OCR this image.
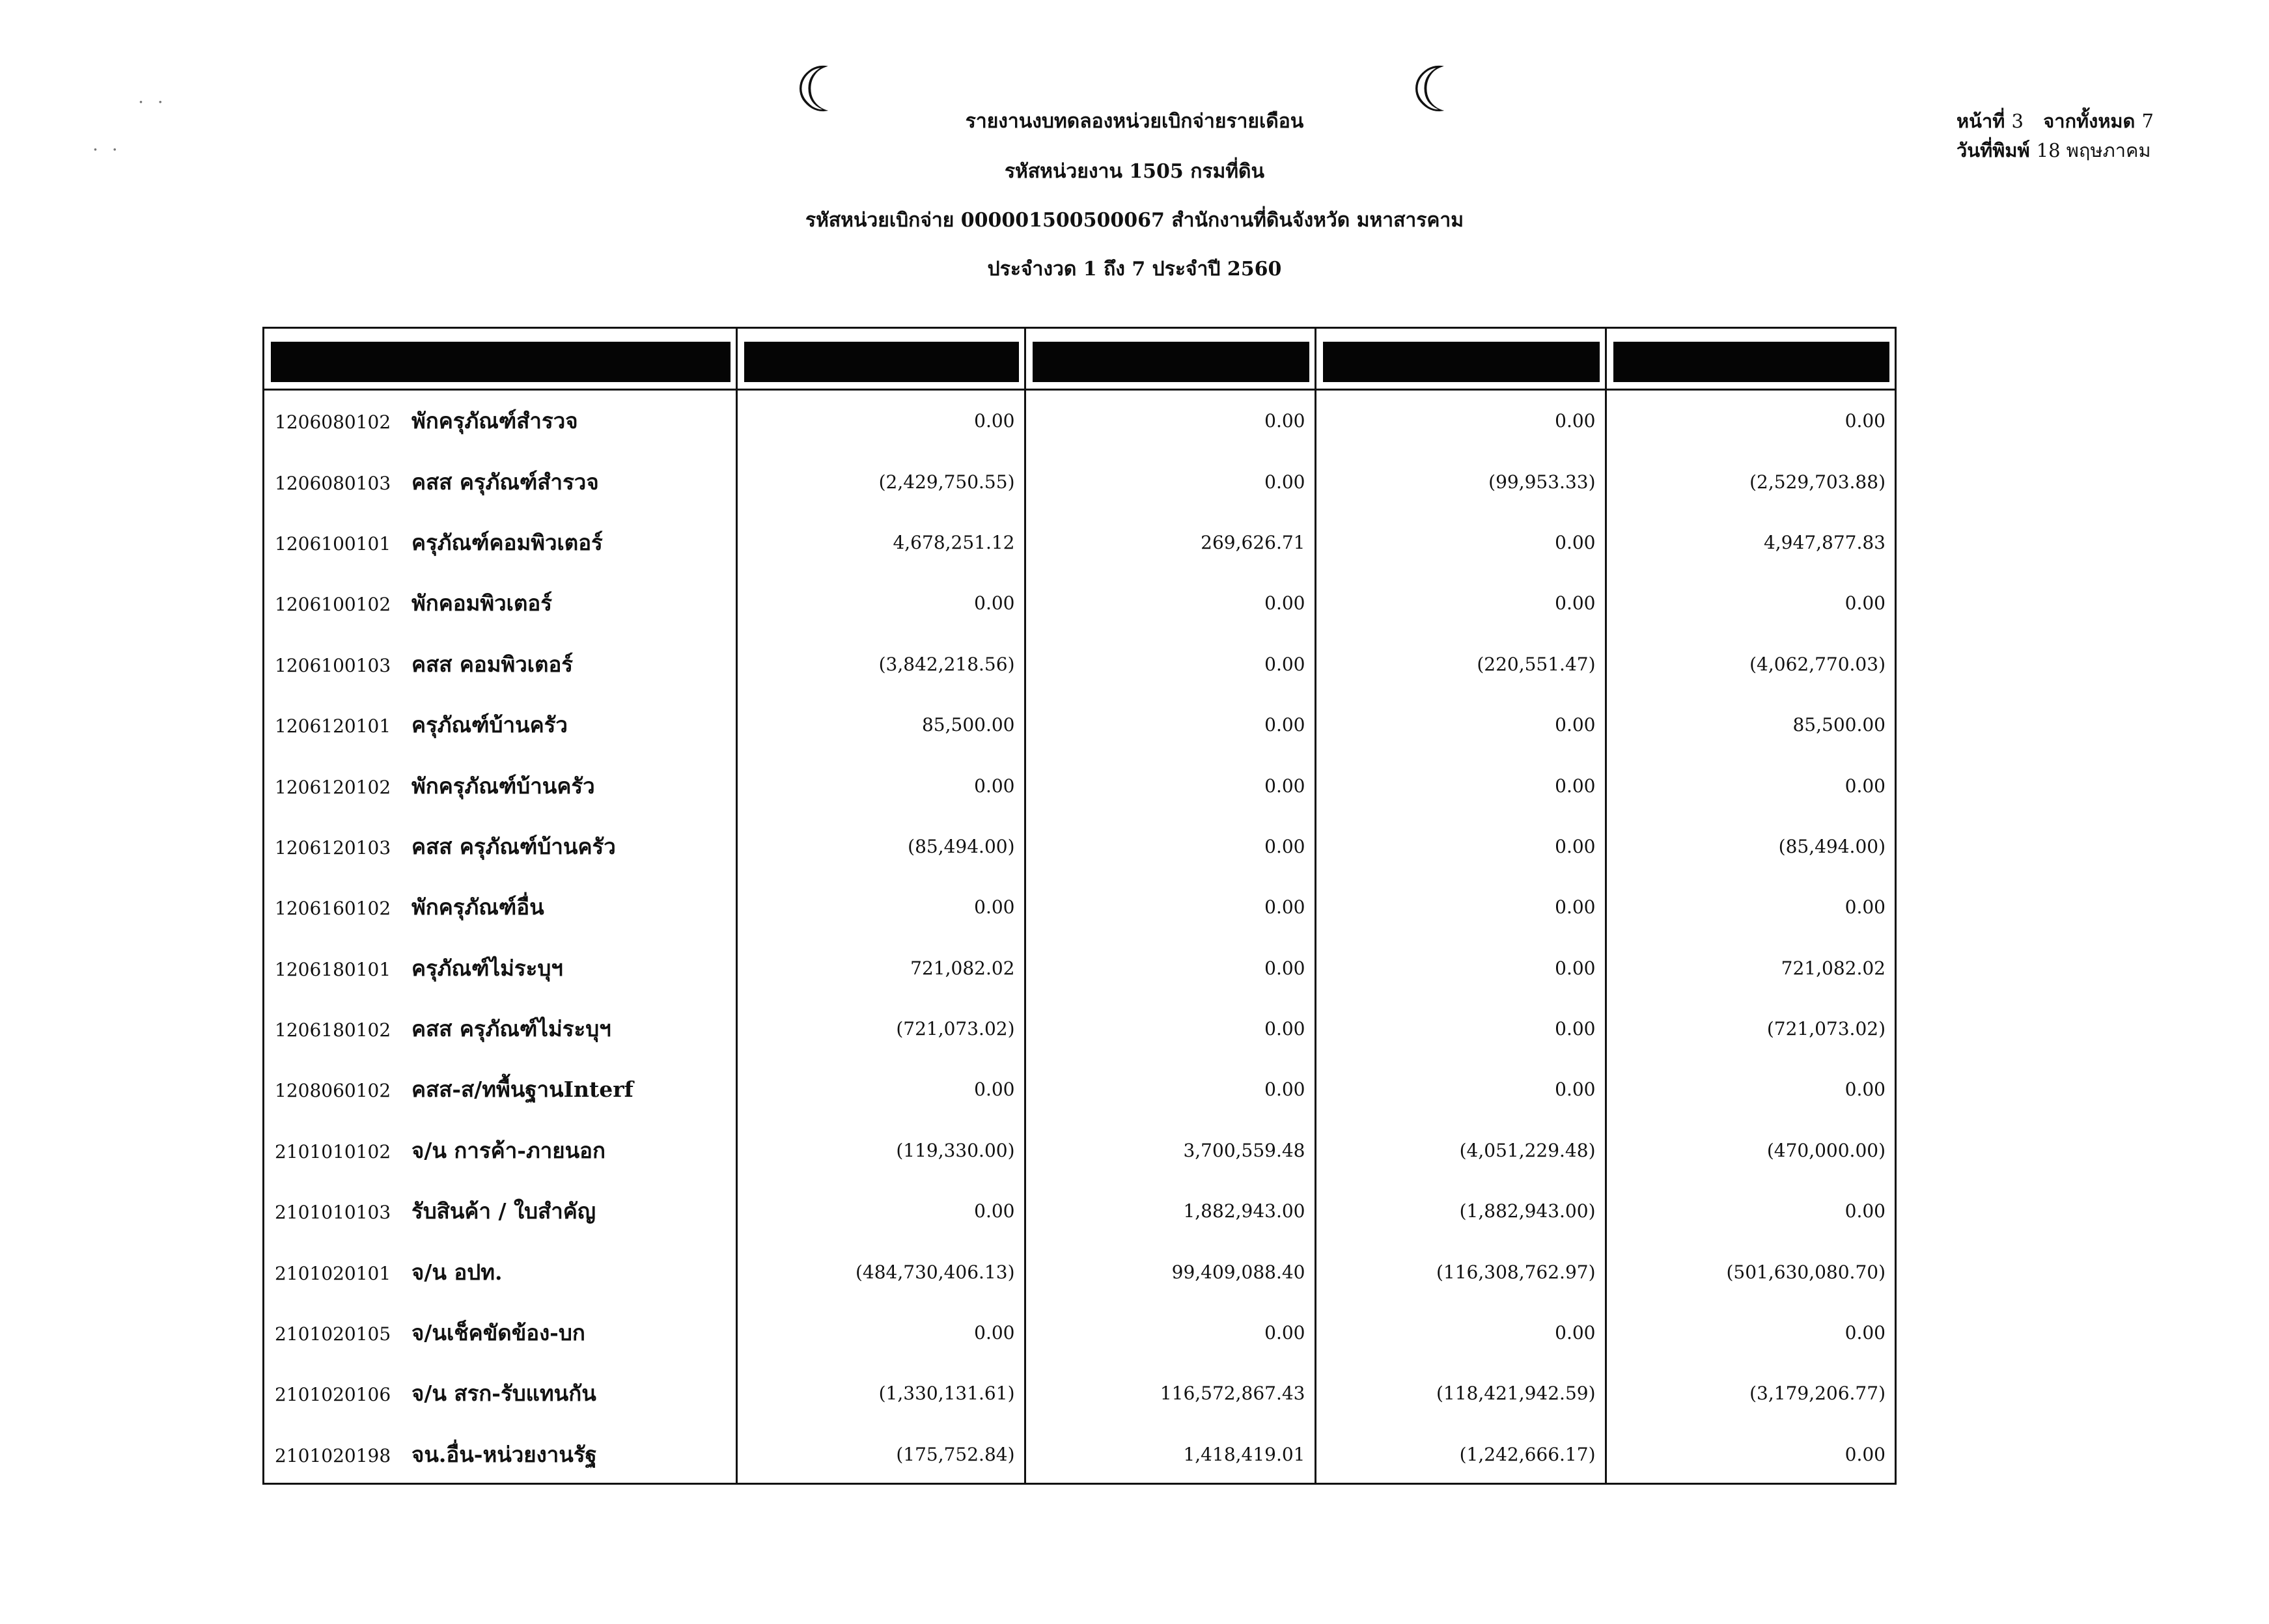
. .
. .
☾	☾
รายงานงบทดลองหน่วยเบิกจ่ายรายเดือน
รหัสหน่วยงาน 1505 กรมที่ดิน
รหัสหน่วยเบิกจ่าย 000001500500067 สำนักงานที่ดินจังหวัด มหาสารคาม
ประจำงวด 1 ถึง 7 ประจำปี 2560
หน้าที่ 3 จากทั้งหมด 7
วันที่พิมพ์ 18 พฤษภาคม

1206080102 พักครุภัณฑ์สำรวจ	0.00	0.00	0.00	0.00
1206080103 คสส ครุภัณฑ์สำรวจ	(2,429,750.55)	0.00	(99,953.33)	(2,529,703.88)
1206100101 ครุภัณฑ์คอมพิวเตอร์	4,678,251.12	269,626.71	0.00	4,947,877.83
1206100102 พักคอมพิวเตอร์	0.00	0.00	0.00	0.00
1206100103 คสส คอมพิวเตอร์	(3,842,218.56)	0.00	(220,551.47)	(4,062,770.03)
1206120101 ครุภัณฑ์บ้านครัว	85,500.00	0.00	0.00	85,500.00
1206120102 พักครุภัณฑ์บ้านครัว	0.00	0.00	0.00	0.00
1206120103 คสส ครุภัณฑ์บ้านครัว	(85,494.00)	0.00	0.00	(85,494.00)
1206160102 พักครุภัณฑ์อื่น	0.00	0.00	0.00	0.00
1206180101 ครุภัณฑ์ไม่ระบุฯ	721,082.02	0.00	0.00	721,082.02
1206180102 คสส ครุภัณฑ์ไม่ระบุฯ	(721,073.02)	0.00	0.00	(721,073.02)
1208060102 คสส-ส/ทพื้นฐานInterf	0.00	0.00	0.00	0.00
2101010102 จ/น การค้า-ภายนอก	(119,330.00)	3,700,559.48	(4,051,229.48)	(470,000.00)
2101010103 รับสินค้า / ใบสำคัญ	0.00	1,882,943.00	(1,882,943.00)	0.00
2101020101 จ/น อปท.	(484,730,406.13)	99,409,088.40	(116,308,762.97)	(501,630,080.70)
2101020105 จ/นเช็คขัดข้อง-บก	0.00	0.00	0.00	0.00
2101020106 จ/น สรก-รับแทนกัน	(1,330,131.61)	116,572,867.43	(118,421,942.59)	(3,179,206.77)
2101020198 จน.อื่น-หน่วยงานรัฐ	(175,752.84)	1,418,419.01	(1,242,666.17)	0.00
